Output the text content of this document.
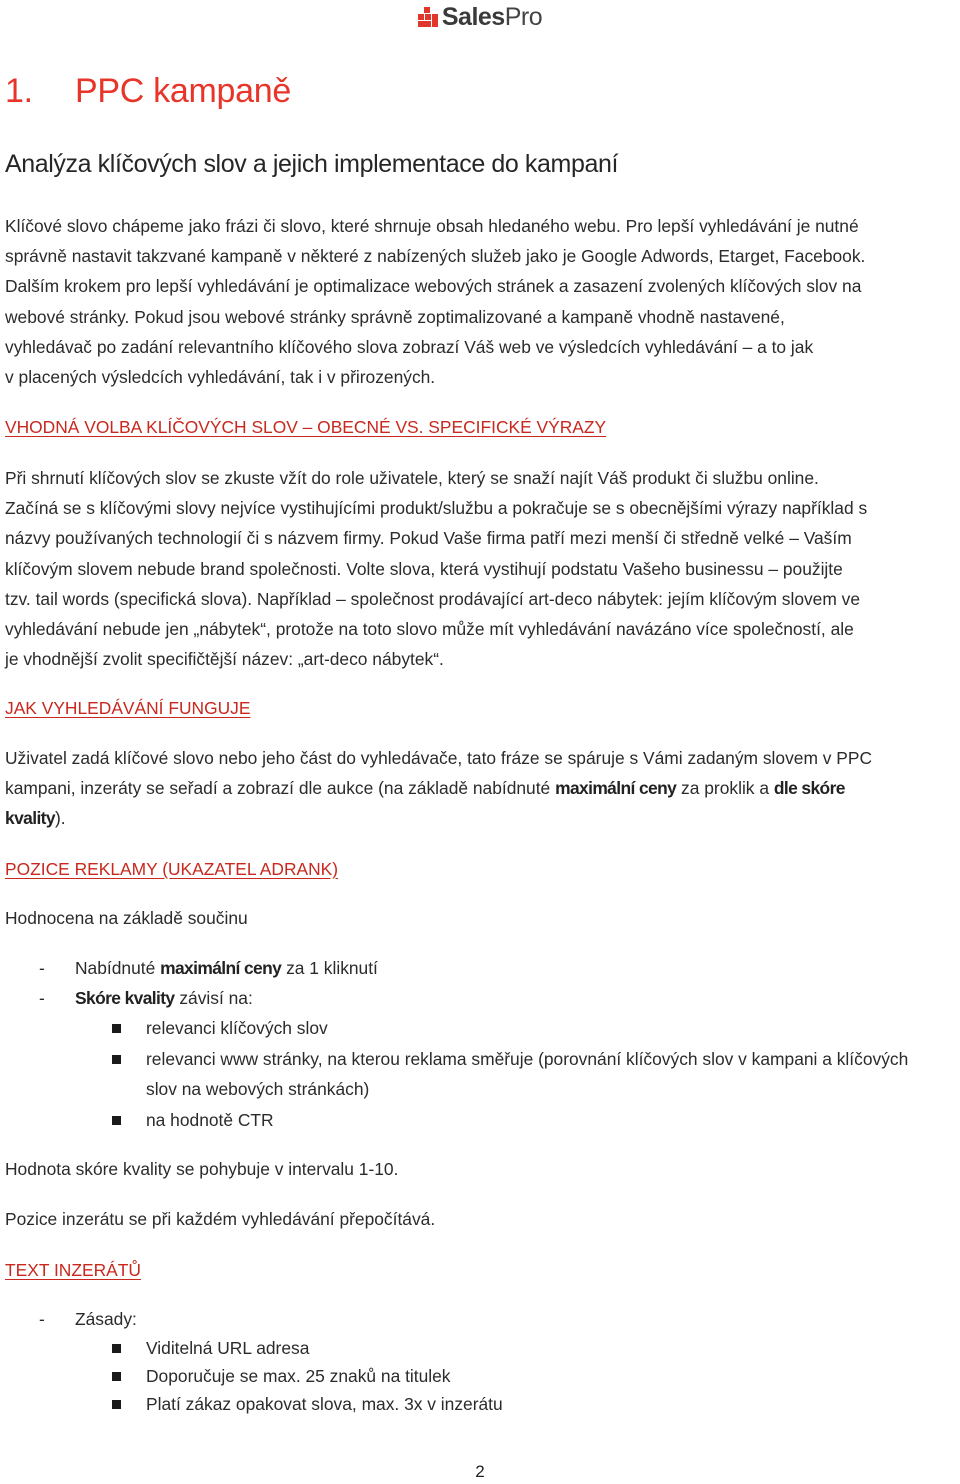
SalesPro
1. PPC kampaně
Analýza klíčových slov a jejich implementace do kampaní

Klíčové slovo chápeme jako frázi či slovo, které shrnuje obsah hledaného webu. Pro lepší vyhledávání je nutné

správně nastavit takzvané kampaně v některé z nabízených služeb jako je Google Adwords, Etarget, Facebook.

Dalším krokem pro lepší vyhledávání je optimalizace webových stránek a zasazení zvolených klíčových slov na

webové stránky. Pokud jsou webové stránky správně zoptimalizované a kampaně vhodně nastavené,

vyhledávač po zadání relevantního klíčového slova zobrazí Váš web ve výsledcích vyhledávání – a to jak

v placených výsledcích vyhledávání, tak i v přirozených.

VHODNÁ VOLBA KLÍČOVÝCH SLOV – OBECNÉ VS. SPECIFICKÉ VÝRAZY

Při shrnutí klíčových slov se zkuste vžít do role uživatele, který se snaží najít Váš produkt či službu online.

Začíná se s klíčovými slovy nejvíce vystihujícími produkt/službu a pokračuje se s obecnějšími výrazy například s

názvy používaných technologií či s názvem firmy. Pokud Vaše firma patří mezi menší či středně velké – Vaším

klíčovým slovem nebude brand společnosti. Volte slova, která vystihují podstatu Vašeho businessu – použijte

tzv. tail words (specifická slova). Například – společnost prodávající art-deco nábytek: jejím klíčovým slovem ve

vyhledávání nebude jen „nábytek“, protože na toto slovo může mít vyhledávání navázáno více společností, ale

je vhodnější zvolit specifičtější název: „art-deco nábytek“.

JAK VYHLEDÁVÁNÍ FUNGUJE

Uživatel zadá klíčové slovo nebo jeho část do vyhledávače, tato fráze se spáruje s Vámi zadaným slovem v PPC

kampani, inzeráty se seřadí a zobrazí dle aukce (na základě nabídnuté maximální ceny za proklik a dle skóre

kvality).

POZICE REKLAMY (UKAZATEL ADRANK)

Hodnocena na základě součinu

-	Nabídnuté maximální ceny za 1 kliknutí
-	Skóre kvality závisí na:
relevanci klíčových slov
relevanci www stránky, na kterou reklama směřuje (porovnání klíčových slov v kampani a klíčových slov na webových stránkách)
na hodnotě CTR

Hodnota skóre kvality se pohybuje v intervalu 1-10.

Pozice inzerátu se při každém vyhledávání přepočítává.

TEXT INZERÁTŮ
-	Zásady:
Viditelná URL adresa
Doporučuje se max. 25 znaků na titulek
Platí zákaz opakovat slova, max. 3x v inzerátu
2
